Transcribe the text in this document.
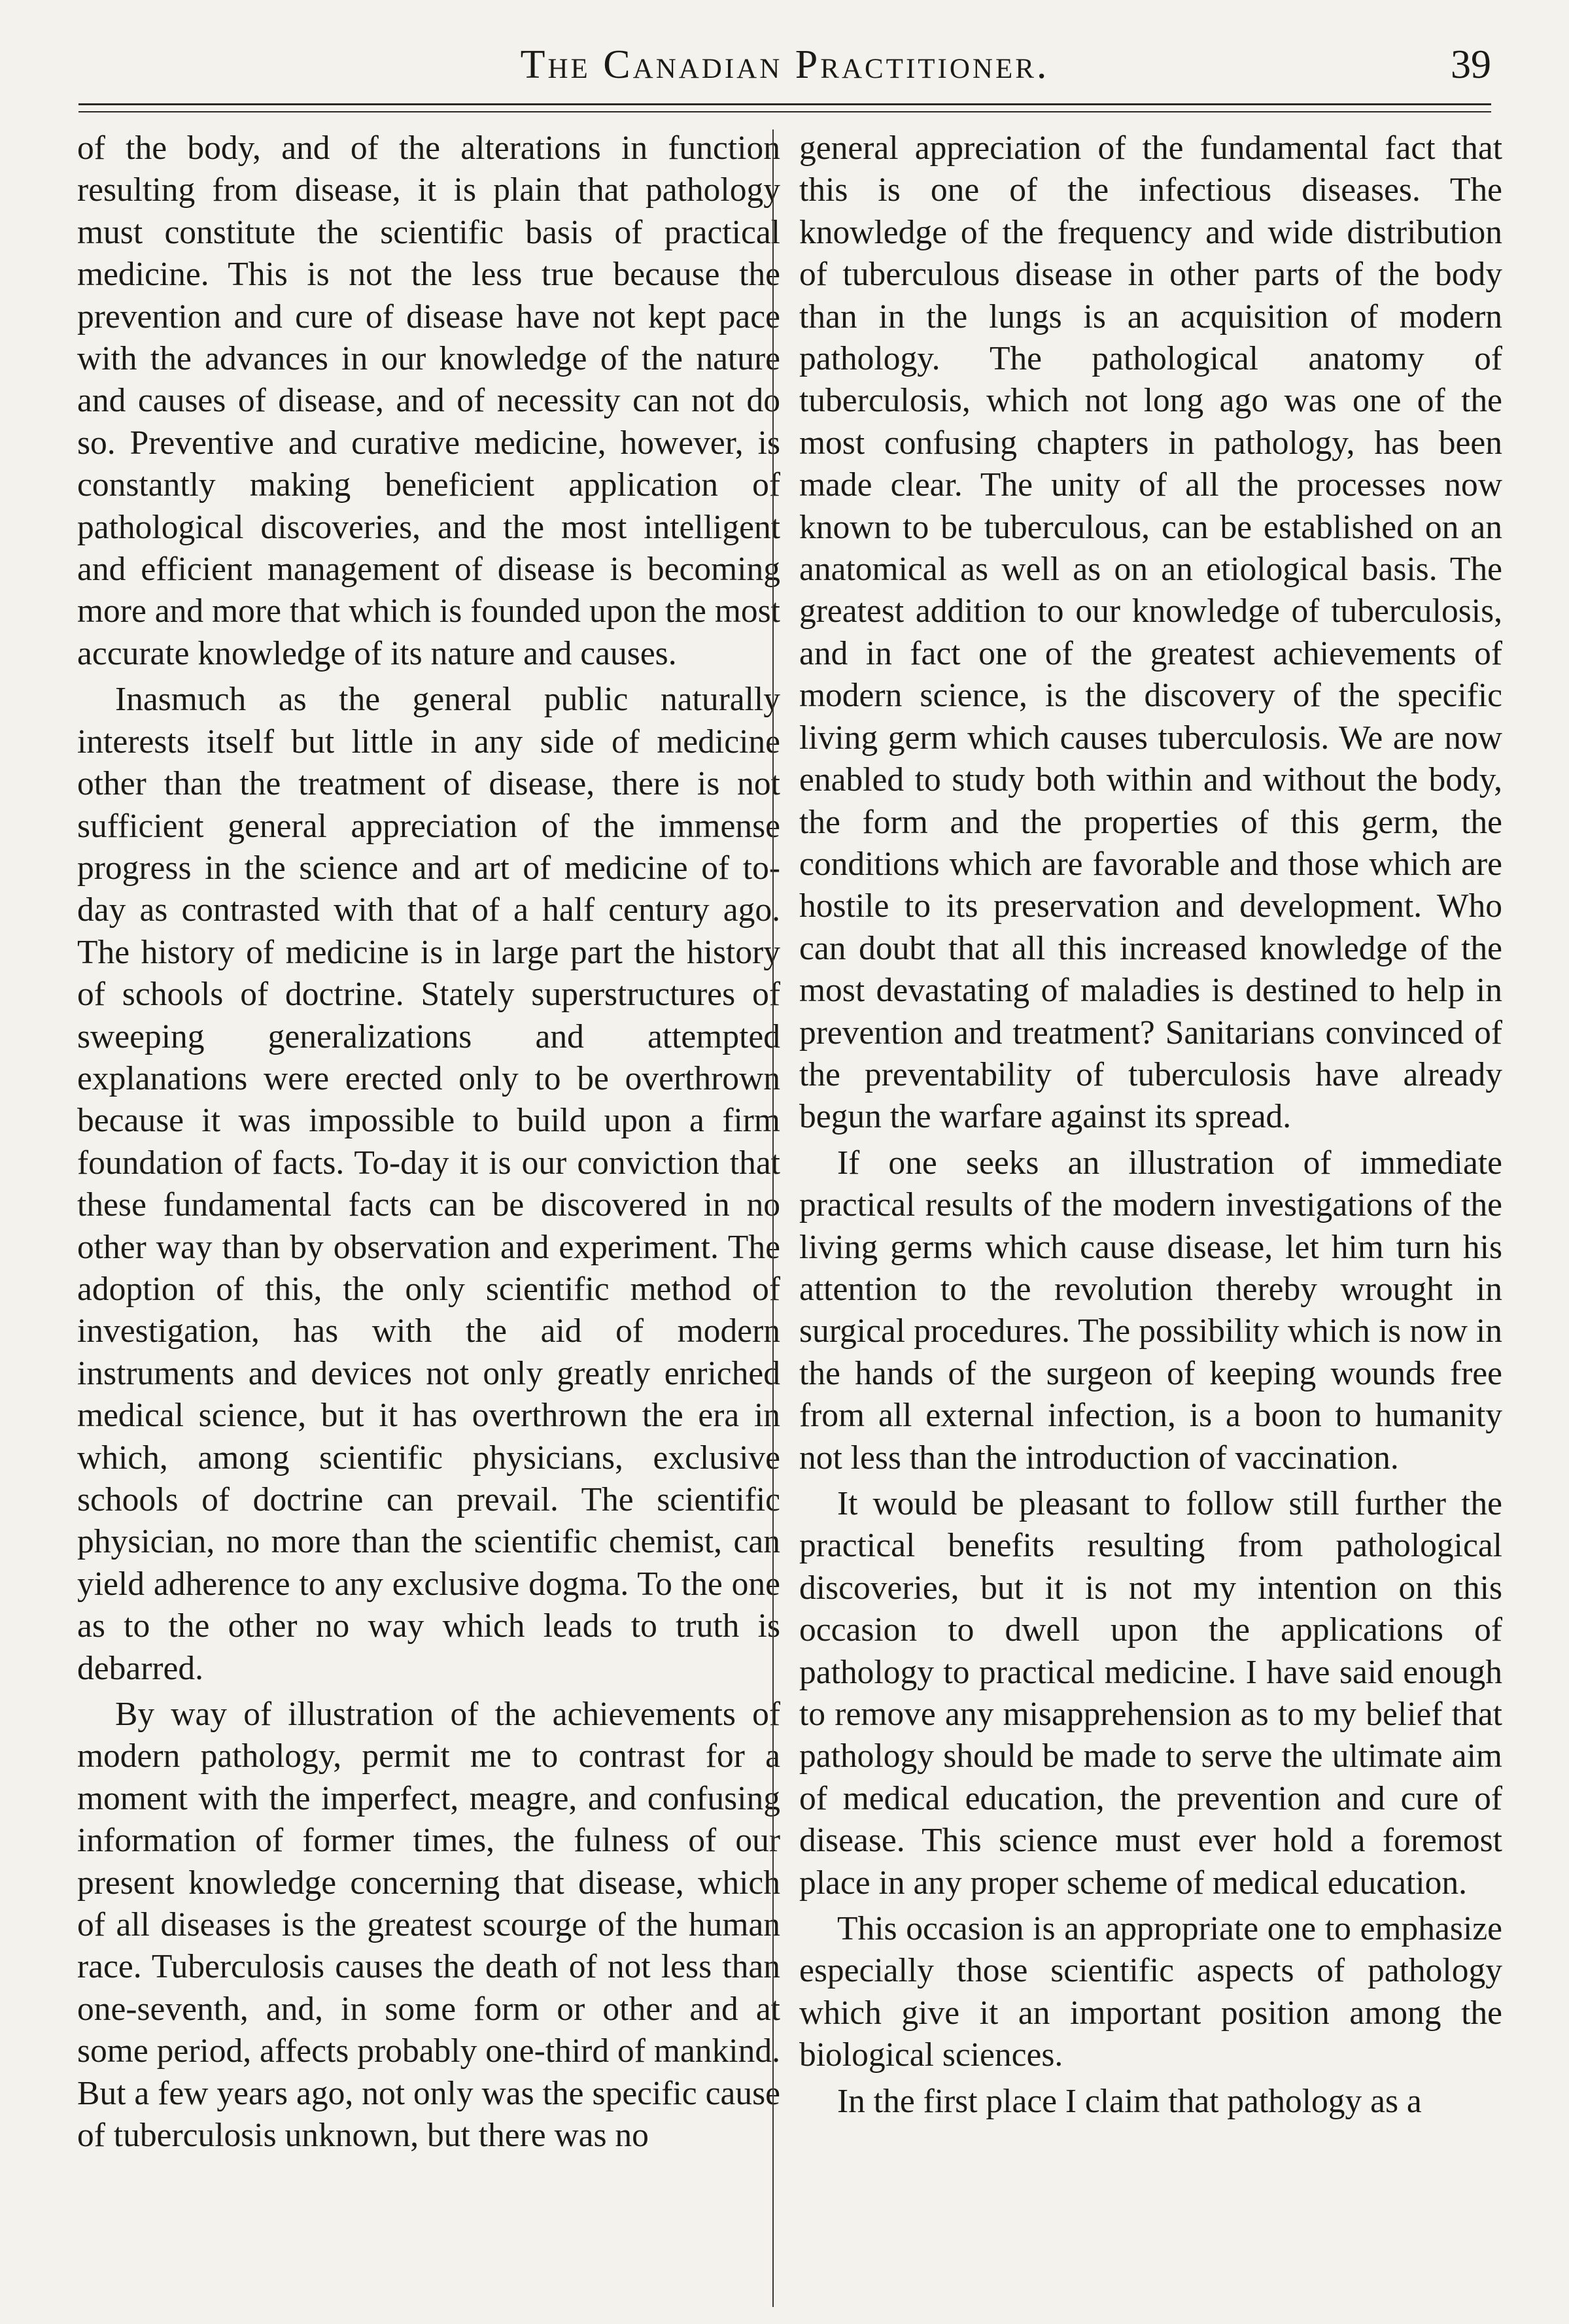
The Canadian Practitioner.	39

of the body, and of the alterations in function resulting from disease, it is plain that pathology must constitute the scientific basis of practical medicine. This is not the less true because the prevention and cure of disease have not kept pace with the advances in our knowledge of the nature and causes of disease, and of necessity can not do so. Preventive and curative medicine, however, is constantly making beneficient application of pathological discoveries, and the most intelligent and efficient management of disease is becoming more and more that which is founded upon the most accurate knowledge of its nature and causes.

Inasmuch as the general public naturally interests itself but little in any side of medicine other than the treatment of disease, there is not sufficient general appreciation of the immense progress in the science and art of medicine of to-day as contrasted with that of a half century ago. The history of medicine is in large part the history of schools of doctrine. Stately superstructures of sweeping generalizations and attempted explanations were erected only to be overthrown because it was impossible to build upon a firm foundation of facts. To-day it is our conviction that these fundamental facts can be discovered in no other way than by observation and experiment. The adoption of this, the only scientific method of investigation, has with the aid of modern instruments and devices not only greatly enriched medical science, but it has overthrown the era in which, among scientific physicians, exclusive schools of doctrine can prevail. The scientific physician, no more than the scientific chemist, can yield adherence to any exclusive dogma. To the one as to the other no way which leads to truth is debarred.

By way of illustration of the achievements of modern pathology, permit me to contrast for a moment with the imperfect, meagre, and confusing information of former times, the fulness of our present knowledge concerning that disease, which of all diseases is the greatest scourge of the human race. Tuberculosis causes the death of not less than one-seventh, and, in some form or other and at some period, affects probably one-third of mankind. But a few years ago, not only was the specific cause of tuberculosis unknown, but there was no

general appreciation of the fundamental fact that this is one of the infectious diseases. The knowledge of the frequency and wide distribution of tuberculous disease in other parts of the body than in the lungs is an acquisition of modern pathology. The pathological anatomy of tuberculosis, which not long ago was one of the most confusing chapters in pathology, has been made clear. The unity of all the processes now known to be tuberculous, can be established on an anatomical as well as on an etiological basis. The greatest addition to our knowledge of tuberculosis, and in fact one of the greatest achievements of modern science, is the discovery of the specific living germ which causes tuberculosis. We are now enabled to study both within and without the body, the form and the properties of this germ, the conditions which are favorable and those which are hostile to its preservation and development. Who can doubt that all this increased knowledge of the most devastating of maladies is destined to help in prevention and treatment? Sanitarians convinced of the preventability of tuberculosis have already begun the warfare against its spread.

If one seeks an illustration of immediate practical results of the modern investigations of the living germs which cause disease, let him turn his attention to the revolution thereby wrought in surgical procedures. The possibility which is now in the hands of the surgeon of keeping wounds free from all external infection, is a boon to humanity not less than the introduction of vaccination.

It would be pleasant to follow still further the practical benefits resulting from pathological discoveries, but it is not my intention on this occasion to dwell upon the applications of pathology to practical medicine. I have said enough to remove any misapprehension as to my belief that pathology should be made to serve the ultimate aim of medical education, the prevention and cure of disease. This science must ever hold a foremost place in any proper scheme of medical education.

This occasion is an appropriate one to emphasize especially those scientific aspects of pathology which give it an important position among the biological sciences.

In the first place I claim that pathology as a
